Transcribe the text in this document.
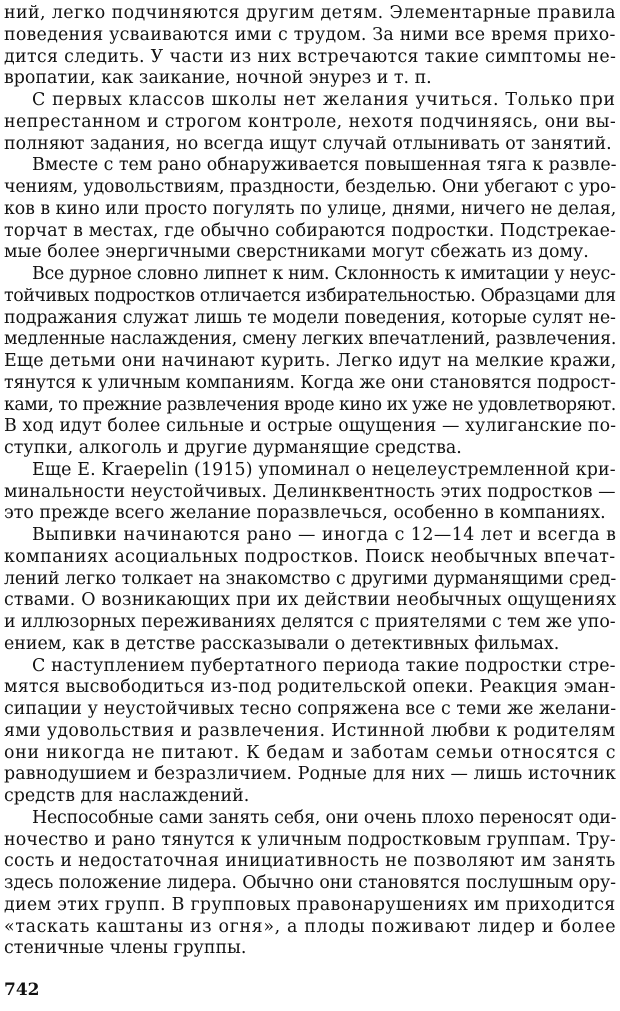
ний, легко подчиняются другим детям. Элементарные правила
поведения усваиваются ими с трудом. За ними все время прихо-
дится следить. У части из них встречаются такие симптомы не-
вропатии, как заикание, ночной энурез и т. п.
С первых классов школы нет желания учиться. Только при
непрестанном и строгом контроле, нехотя подчиняясь, они вы-
полняют задания, но всегда ищут случай отлынивать от занятий.
Вместе с тем рано обнаруживается повышенная тяга к развле-
чениям, удовольствиям, праздности, безделью. Они убегают с уро-
ков в кино или просто погулять по улице, днями, ничего не делая,
торчат в местах, где обычно собираются подростки. Подстрекае-
мые более энергичными сверстниками могут сбежать из дому.
Все дурное словно липнет к ним. Склонность к имитации у неус-
тойчивых подростков отличается избирательностью. Образцами для
подражания служат лишь те модели поведения, которые сулят не-
медленные наслаждения, смену легких впечатлений, развлечения.
Еще детьми они начинают курить. Легко идут на мелкие кражи,
тянутся к уличным компаниям. Когда же они становятся подрост-
ками, то прежние развлечения вроде кино их уже не удовлетворяют.
В ход идут более сильные и острые ощущения — хулиганские по-
ступки, алкоголь и другие дурманящие средства.
Еще E. Kraepelin (1915) упоминал о нецелеустремленной кри-
минальности неустойчивых. Делинквентность этих подростков —
это прежде всего желание поразвлечься, особенно в компаниях.
Выпивки начинаются рано — иногда с 12—14 лет и всегда в
компаниях асоциальных подростков. Поиск необычных впечат-
лений легко толкает на знакомство с другими дурманящими сред-
ствами. О возникающих при их действии необычных ощущениях
и иллюзорных переживаниях делятся с приятелями с тем же упо-
ением, как в детстве рассказывали о детективных фильмах.
С наступлением пубертатного периода такие подростки стре-
мятся высвободиться из-под родительской опеки. Реакция эман-
сипации у неустойчивых тесно сопряжена все с теми же желани-
ями удовольствия и развлечения. Истинной любви к родителям
они никогда не питают. К бедам и заботам семьи относятся с
равнодушием и безразличием. Родные для них — лишь источник
средств для наслаждений.
Неспособные сами занять себя, они очень плохо переносят оди-
ночество и рано тянутся к уличным подростковым группам. Тру-
сость и недостаточная инициативность не позволяют им занять
здесь положение лидера. Обычно они становятся послушным ору-
дием этих групп. В групповых правонарушениях им приходится
«таскать каштаны из огня», а плоды поживают лидер и более
стеничные члены группы.
742
